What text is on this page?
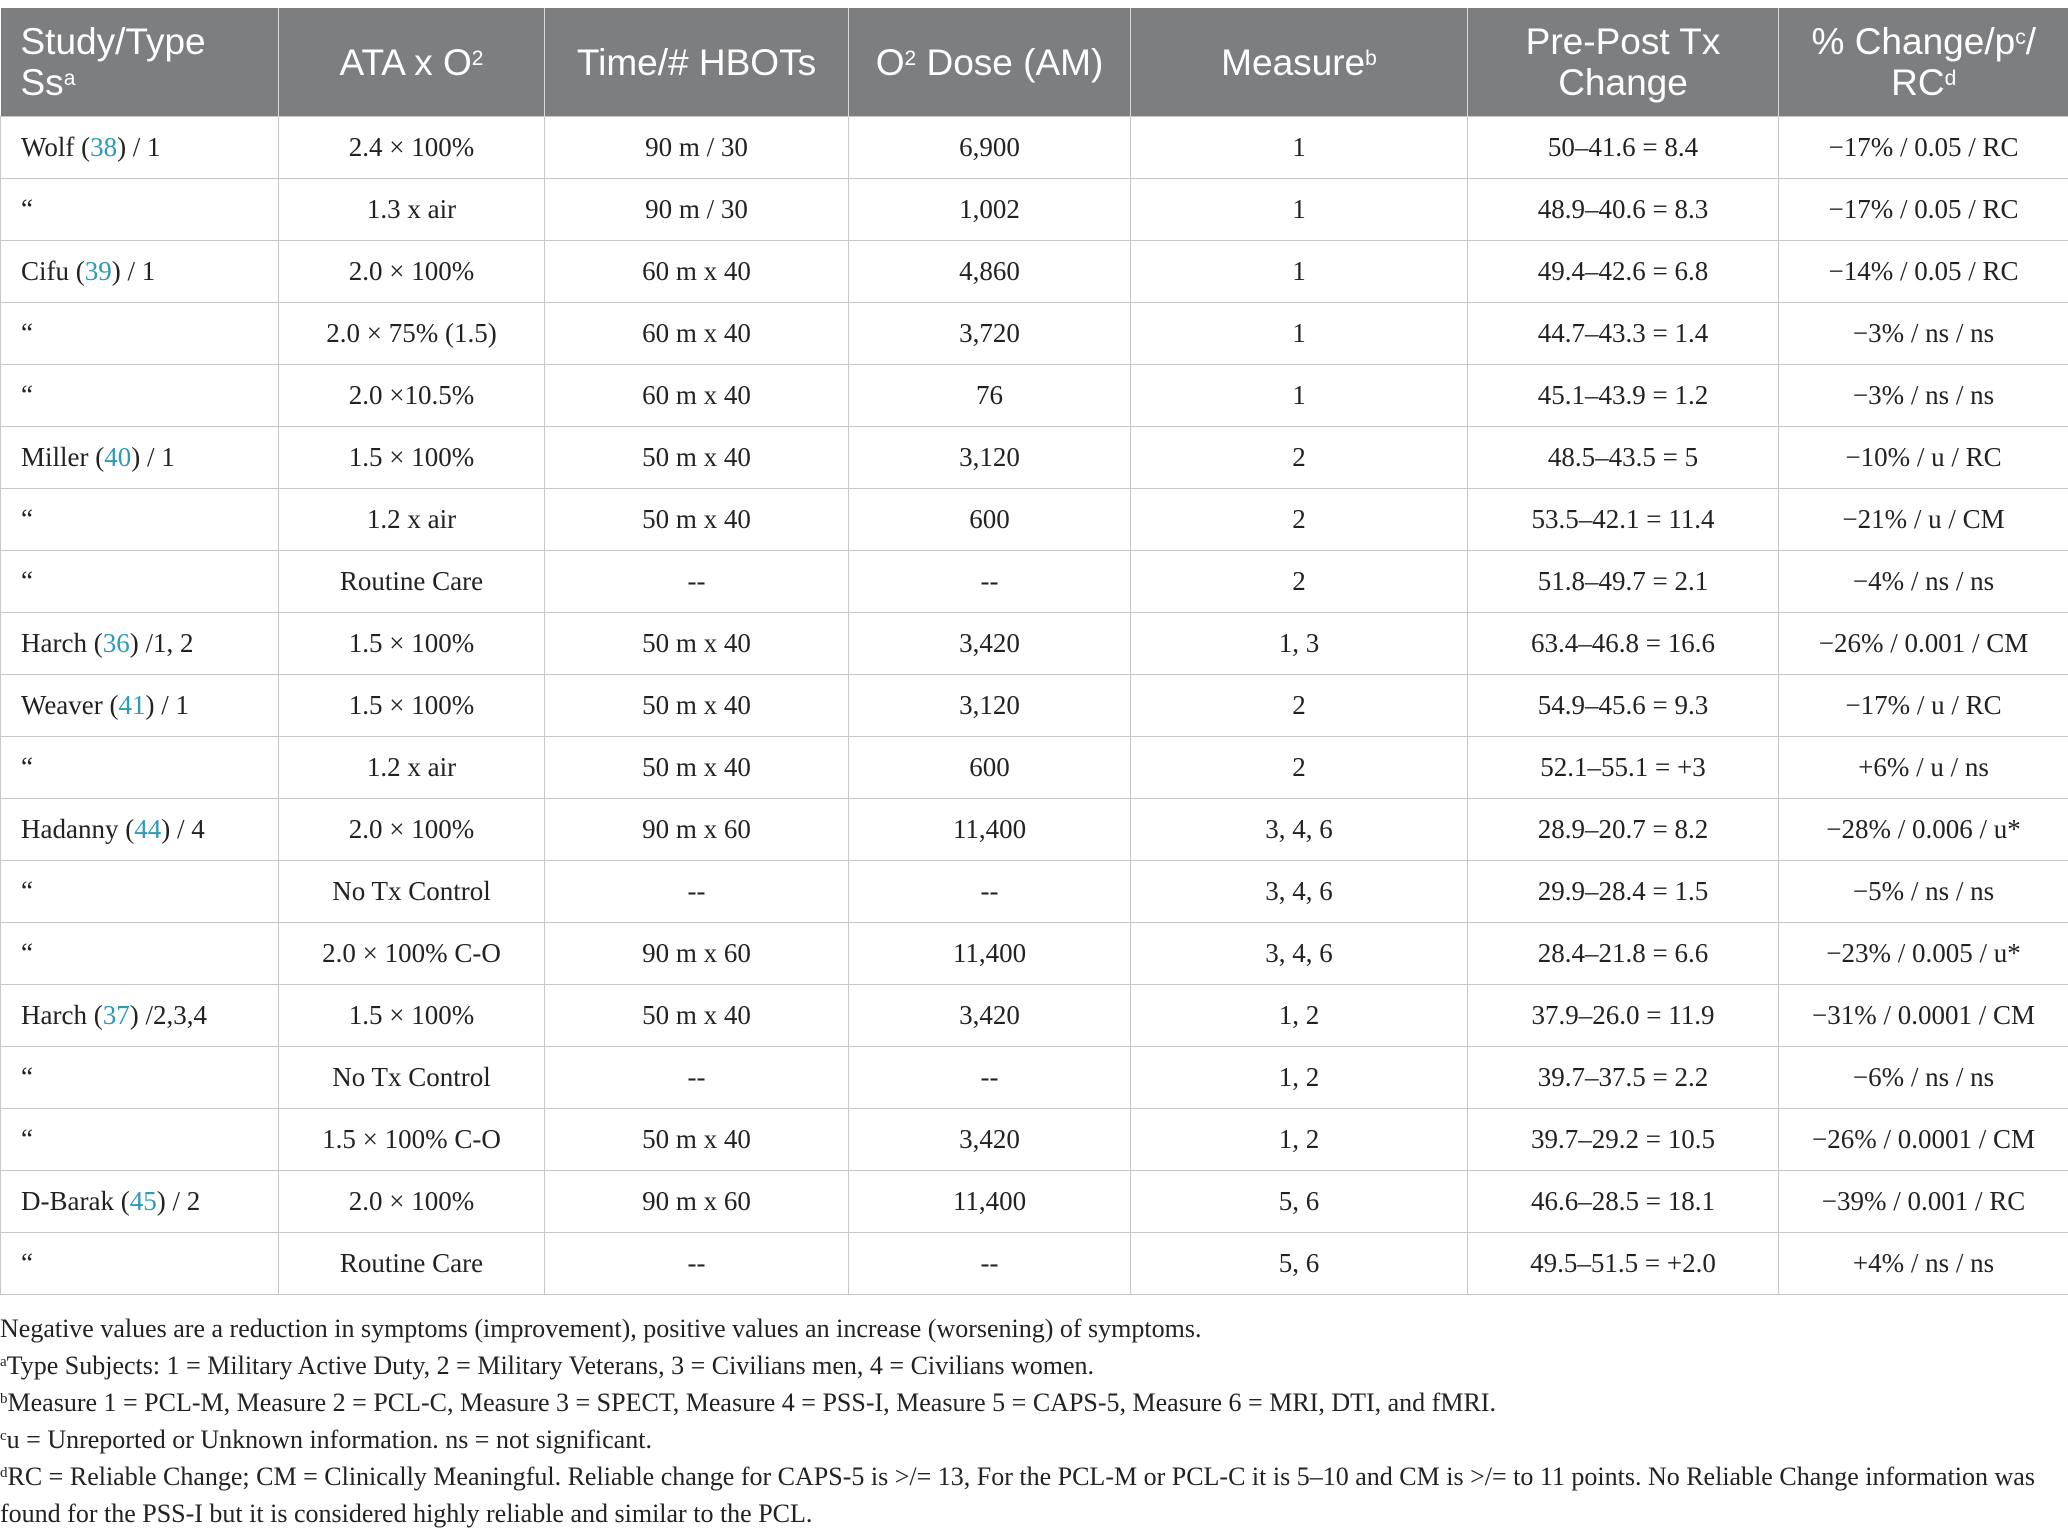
Study/Type Ss$^a$	ATA x $O^2$	Time/# HBOTs	$O^2$ Dose (AM)	Measure$^b$	Pre-Post Tx Change	% Change/$p^c/$ $RC^d$
Wolf (38) / 1	2.4 × 100%	90 m / 30	6,900	1	50–41.6 = 8.4	−17% / 0.05 / RC
“	1.3 x air	90 m / 30	1,002	1	48.9–40.6 = 8.3	−17% / 0.05 / RC
Cifu (39) / 1	2.0 × 100%	60 m x 40	4,860	1	49.4–42.6 = 6.8	−14% / 0.05 / RC
“	2.0 × 75% (1.5)	60 m x 40	3,720	1	44.7–43.3 = 1.4	−3% / ns / ns
“	2.0 ×10.5%	60 m x 40	76	1	45.1–43.9 = 1.2	−3% / ns / ns
Miller (40) / 1	1.5 × 100%	50 m x 40	3,120	2	48.5–43.5 = 5	−10% / u / RC
“	1.2 x air	50 m x 40	600	2	53.5–42.1 = 11.4	−21% / u / CM
“	Routine Care	--	--	2	51.8–49.7 = 2.1	−4% / ns / ns
Harch (36) /1, 2	1.5 × 100%	50 m x 40	3,420	1, 3	63.4–46.8 = 16.6	−26% / 0.001 / CM
Weaver (41) / 1	1.5 × 100%	50 m x 40	3,120	2	54.9–45.6 = 9.3	−17% / u / RC
“	1.2 x air	50 m x 40	600	2	52.1–55.1 = +3	+6% / u / ns
Hadanny (44) / 4	2.0 × 100%	90 m x 60	11,400	3, 4, 6	28.9–20.7 = 8.2	−28% / 0.006 / u*
“	No Tx Control	--	--	3, 4, 6	29.9–28.4 = 1.5	−5% / ns / ns
“	2.0 × 100% C-O	90 m x 60	11,400	3, 4, 6	28.4–21.8 = 6.6	−23% / 0.005 / u*
Harch (37) /2,3,4	1.5 × 100%	50 m x 40	3,420	1, 2	37.9–26.0 = 11.9	−31% / 0.0001 / CM
“	No Tx Control	--	--	1, 2	39.7–37.5 = 2.2	−6% / ns / ns
“	1.5 × 100% C-O	50 m x 40	3,420	1, 2	39.7–29.2 = 10.5	−26% / 0.0001 / CM
D-Barak (45) / 2	2.0 × 100%	90 m x 60	11,400	5, 6	46.6–28.5 = 18.1	−39% / 0.001 / RC
“	Routine Care	--	--	5, 6	49.5–51.5 = +2.0	+4% / ns / ns

Negative values are a reduction in symptoms (improvement), positive values an increase (worsening) of symptoms.

$^a$Type Subjects: 1 = Military Active Duty, 2 = Military Veterans, 3 = Civilians men, 4 = Civilians women.

$^b$Measure 1 = PCL-M, Measure 2 = PCL-C, Measure 3 = SPECT, Measure 4 = PSS-I, Measure 5 = CAPS-5, Measure 6 = MRI, DTI, and fMRI.

$^c$u = Unreported or Unknown information. ns = not significant.

$^d$RC = Reliable Change; CM = Clinically Meaningful. Reliable change for CAPS-5 is >/= 13, For the PCL-M or PCL-C it is 5–10 and CM is >/= to 11 points. No Reliable Change information was found for the PSS-I but it is considered highly reliable and similar to the PCL.
